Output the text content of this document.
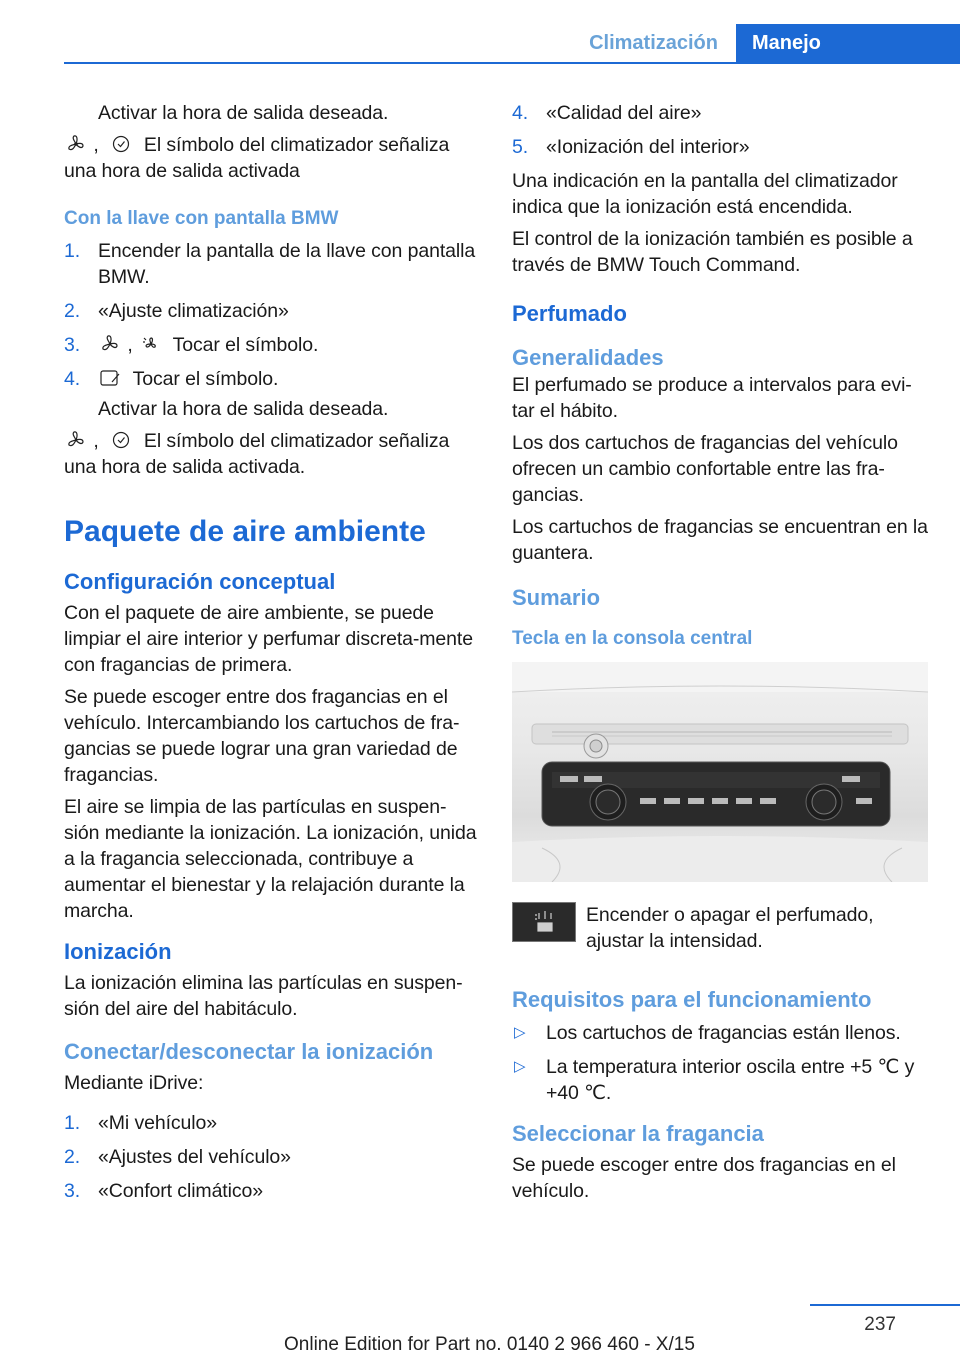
Climatización	Manejo

Activar la hora de salida deseada.

,    El símbolo del climatizador señaliza una hora de salida activada

Con la llave con pantalla BMW
1. Encender la pantalla de la llave con pantalla BMW.
2. «Ajuste climatización»
3. ,   Tocar el símbolo.
4.	Tocar el símbolo.

Activar la hora de salida deseada.

,    El símbolo del climatizador señaliza una hora de salida activada.

Paquete de aire ambiente
Configuración conceptual

Con el paquete de aire ambiente, se puede limpiar el aire interior y perfumar discreta-mente con fragancias de primera.

Se puede escoger entre dos fragancias en el vehículo. Intercambiando los cartuchos de fra-gancias se puede lograr una gran variedad de fragancias.

El aire se limpia de las partículas en suspen-sión mediante la ionización. La ionización, unida a la fragancia seleccionada, contribuye a aumentar el bienestar y la relajación durante la marcha.

Ionización

La ionización elimina las partículas en suspen-sión del aire del habitáculo.

Conectar/desconectar la ionización

Mediante iDrive:

1. «Mi vehículo»
2. «Ajustes del vehículo»
3. «Confort climático»
4. «Calidad del aire»
5. «Ionización del interior»

Una indicación en la pantalla del climatizador indica que la ionización está encendida.

El control de la ionización también es posible a través de BMW Touch Command.

Perfumado
Generalidades

El perfumado se produce a intervalos para evi-tar el hábito.

Los dos cartuchos de fragancias del vehículo ofrecen un cambio confortable entre las fra-gancias.

Los cartuchos de fragancias se encuentran en la guantera.

Sumario
Tecla en la consola central

Encender o apagar el perfumado, ajustar la intensidad.

Requisitos para el funcionamiento
▷ Los cartuchos de fragancias están llenos.
▷ La temperatura interior oscila entre +5 ℃ y +40 ℃.
Seleccionar la fragancia

Se puede escoger entre dos fragancias en el vehículo.

237
Online Edition for Part no. 0140 2 966 460 - X/15
